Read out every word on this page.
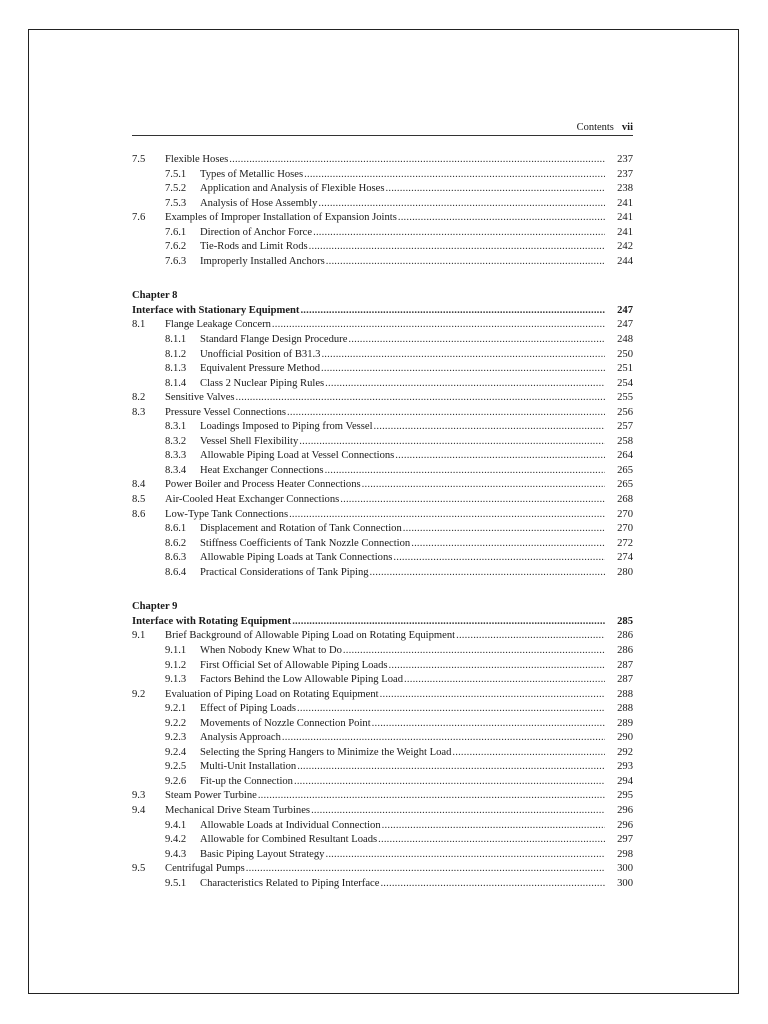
Contents vii
7.5 Flexible Hoses .....	237
7.5.1 Types of Metallic Hoses .....	237
7.5.2 Application and Analysis of Flexible Hoses .....	238
7.5.3 Analysis of Hose Assembly .....	241
7.6 Examples of Improper Installation of Expansion Joints .....	241
7.6.1 Direction of Anchor Force .....	241
7.6.2 Tie-Rods and Limit Rods .....	242
7.6.3 Improperly Installed Anchors .....	244
Chapter 8
Interface with Stationary Equipment .....	247
8.1 Flange Leakage Concern .....	247
8.1.1 Standard Flange Design Procedure .....	248
8.1.2 Unofficial Position of B31.3 .....	250
8.1.3 Equivalent Pressure Method .....	251
8.1.4 Class 2 Nuclear Piping Rules .....	254
8.2 Sensitive Valves .....	255
8.3 Pressure Vessel Connections .....	256
8.3.1 Loadings Imposed to Piping from Vessel .....	257
8.3.2 Vessel Shell Flexibility .....	258
8.3.3 Allowable Piping Load at Vessel Connections .....	264
8.3.4 Heat Exchanger Connections .....	265
8.4 Power Boiler and Process Heater Connections .....	265
8.5 Air-Cooled Heat Exchanger Connections .....	268
8.6 Low-Type Tank Connections .....	270
8.6.1 Displacement and Rotation of Tank Connection .....	270
8.6.2 Stiffness Coefficients of Tank Nozzle Connection .....	272
8.6.3 Allowable Piping Loads at Tank Connections .....	274
8.6.4 Practical Considerations of Tank Piping .....	280
Chapter 9
Interface with Rotating Equipment .....	285
9.1 Brief Background of Allowable Piping Load on Rotating Equipment .....	286
9.1.1 When Nobody Knew What to Do .....	286
9.1.2 First Official Set of Allowable Piping Loads .....	287
9.1.3 Factors Behind the Low Allowable Piping Load .....	287
9.2 Evaluation of Piping Load on Rotating Equipment .....	288
9.2.1 Effect of Piping Loads .....	288
9.2.2 Movements of Nozzle Connection Point .....	289
9.2.3 Analysis Approach .....	290
9.2.4 Selecting the Spring Hangers to Minimize the Weight Load .....	292
9.2.5 Multi-Unit Installation .....	293
9.2.6 Fit-up the Connection .....	294
9.3 Steam Power Turbine .....	295
9.4 Mechanical Drive Steam Turbines .....	296
9.4.1 Allowable Loads at Individual Connection .....	296
9.4.2 Allowable for Combined Resultant Loads .....	297
9.4.3 Basic Piping Layout Strategy .....	298
9.5 Centrifugal Pumps .....	300
9.5.1 Characteristics Related to Piping Interface .....	300
